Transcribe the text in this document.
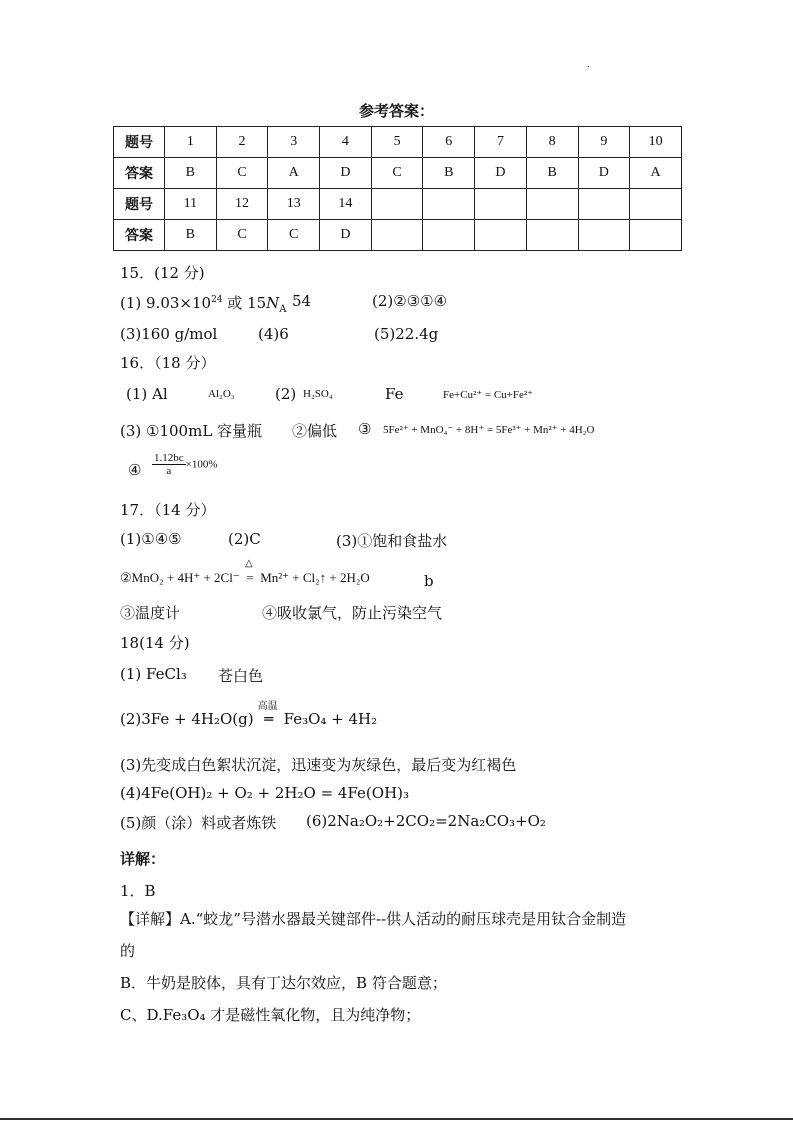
参考答案：
题号	1	2	3	4	5	6	7	8	9	10
答案	B	C	A	D	C	B	D	B	D	A
题号	11	12	13	14						
答案	B	C	C	D						
15．(12 分)
(1) $9.03\times 10^{24}$ 或 $15N_A$ 54	(2)②③①④
(3)160 g/mol	(4)6	(5)22.4g
16．（18 分）
(1) Al	Al₂O₃	(2) H₂SO₄	Fe	Fe+Cu²⁺ = Cu+Fe²⁺
(3) ①100mL 容量瓶 ②偏低 ③ 5Fe²⁺ + MnO₄⁻ + 8H⁺ = 5Fe³⁺ + Mn²⁺ + 4H₂O
④ $\frac{1.12bc}{a} \times 100\%$
17．（14 分）
(1)①④⑤	(2)C	(3)①饱和食盐水
②MnO₂ + 4H⁺ + 2Cl⁻
△
= Mn²⁺ + Cl₂↑ + 2H₂O	b
③温度计	④吸收氯气，防止污染空气
18(14 分)
(1) FeCl₃ 苍白色
(2)3Fe + 4H₂O(g)
高温
═ Fe₃O₄ + 4H₂
(3)先变成白色絮状沉淀，迅速变为灰绿色，最后变为红褐色
(4)4Fe(OH)₂ + O₂ + 2H₂O = 4Fe(OH)₃
(5)颜（涂）料或者炼铁 (6)2Na₂O₂+2CO₂=2Na₂CO₃+O₂
详解：
1．B
【详解】A.“蛟龙”号潜水器最关键部件--供人活动的耐压球壳是用钛合金制造
的
B．牛奶是胶体，具有丁达尔效应，B 符合题意；
C、D.Fe₃O₄ 才是磁性氧化物，且为纯净物；
